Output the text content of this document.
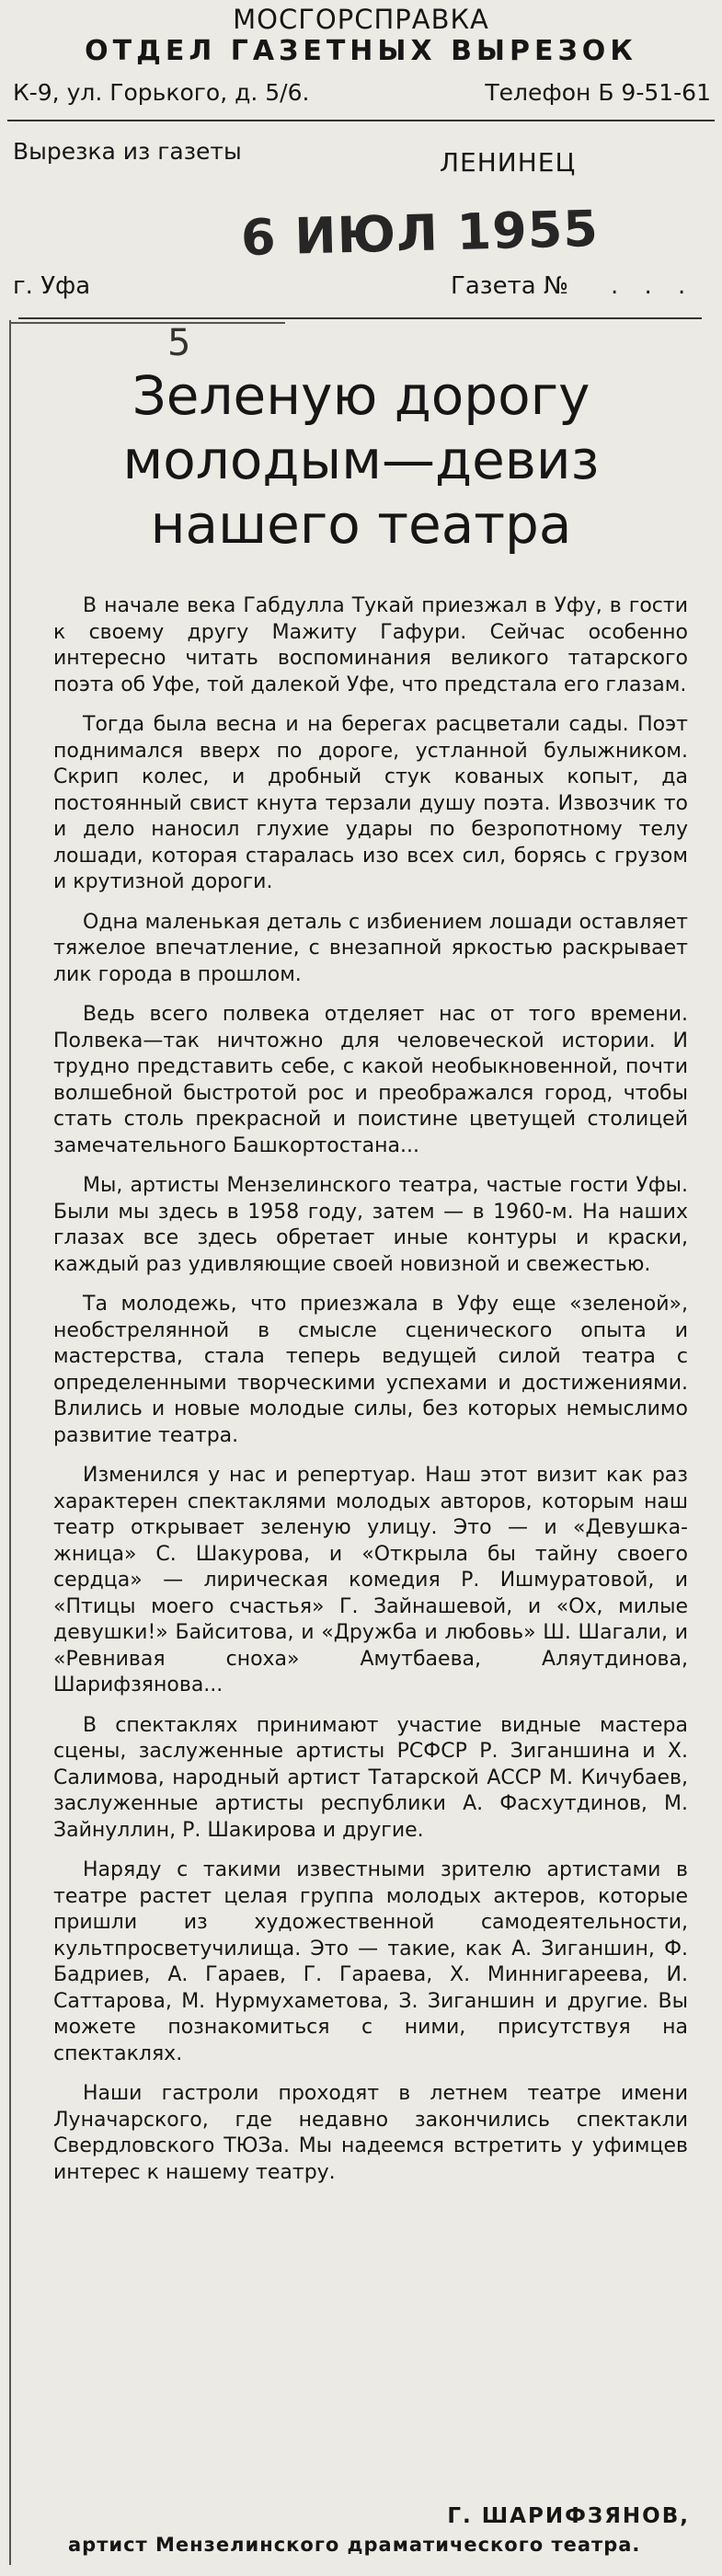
МОСГОРСПРАВКА
ОТДЕЛ ГАЗЕТНЫХ ВЫРЕЗОК
К-9, ул. Горького, д. 5/6.	Телефон Б 9-51-61
Вырезка из газеты	ЛЕНИНЕЦ
6 ИЮЛ 1955
г. Уфа	Газета № . . .
5
Зеленую дорогу
молодым—девиз
нашего театра

В начале века Габдулла Тукай приезжал в Уфу, в гости к своему другу Мажиту Гафури. Сейчас особенно интересно читать воспоминания великого татарского поэта об Уфе, той далекой Уфе, что предстала его глазам.

Тогда была весна и на берегах расцветали сады. Поэт поднимался вверх по дороге, устланной булыжником. Скрип колес, и дробный стук кованых копыт, да постоянный свист кнута терзали душу поэта. Извозчик то и дело наносил глухие удары по безропотному телу лошади, которая старалась изо всех сил, борясь с грузом и крутизной дороги.

Одна маленькая деталь с избиением лошади оставляет тяжелое впечатление, с внезапной яркостью раскрывает лик города в прошлом.

Ведь всего полвека отделяет нас от того времени. Полвека—так ничтожно для человеческой истории. И трудно представить себе, с какой необыкновенной, почти волшебной быстротой рос и преображался город, чтобы стать столь прекрасной и поистине цветущей столицей замечательного Башкортостана...

Мы, артисты Мензелинского театра, частые гости Уфы. Были мы здесь в 1958 году, затем — в 1960-м. На наших глазах все здесь обретает иные контуры и краски, каждый раз удивляющие своей новизной и свежестью.

Та молодежь, что приезжала в Уфу еще «зеленой», необстрелянной в смысле сценического опыта и мастерства, стала теперь ведущей силой театра с определенными творческими успехами и достижениями. Влились и новые молодые силы, без которых немыслимо развитие театра.

Изменился у нас и репертуар. Наш этот визит как раз характерен спектаклями молодых авторов, которым наш театр открывает зеленую улицу. Это — и «Девушка-жница» С. Шакурова, и «Открыла бы тайну своего сердца» — лирическая комедия Р. Ишмуратовой, и «Птицы моего счастья» Г. Зайнашевой, и «Ох, милые девушки!» Байситова, и «Дружба и любовь» Ш. Шагали, и «Ревнивая сноха» Амутбаева, Аляутдинова, Шарифзянова...

В спектаклях принимают участие видные мастера сцены, заслуженные артисты РСФСР Р. Зиганшина и Х. Салимова, народный артист Татарской АССР М. Кичубаев, заслуженные артисты республики А. Фасхутдинов, М. Зайнуллин, Р. Шакирова и другие.

Наряду с такими известными зрителю артистами в театре растет целая группа молодых актеров, которые пришли из художественной самодеятельности, культпросветучилища. Это — такие, как А. Зиганшин, Ф. Бадриев, А. Гараев, Г. Гараева, Х. Миннигареева, И. Саттарова, М. Нурмухаметова, З. Зиганшин и другие. Вы можете познакомиться с ними, присутствуя на спектаклях.

Наши гастроли проходят в летнем театре имени Луначарского, где недавно закончились спектакли Свердловского ТЮЗа. Мы надеемся встретить у уфимцев интерес к нашему театру.

Г. ШАРИФЗЯНОВ,
артист Мензелинского драматического театра.
